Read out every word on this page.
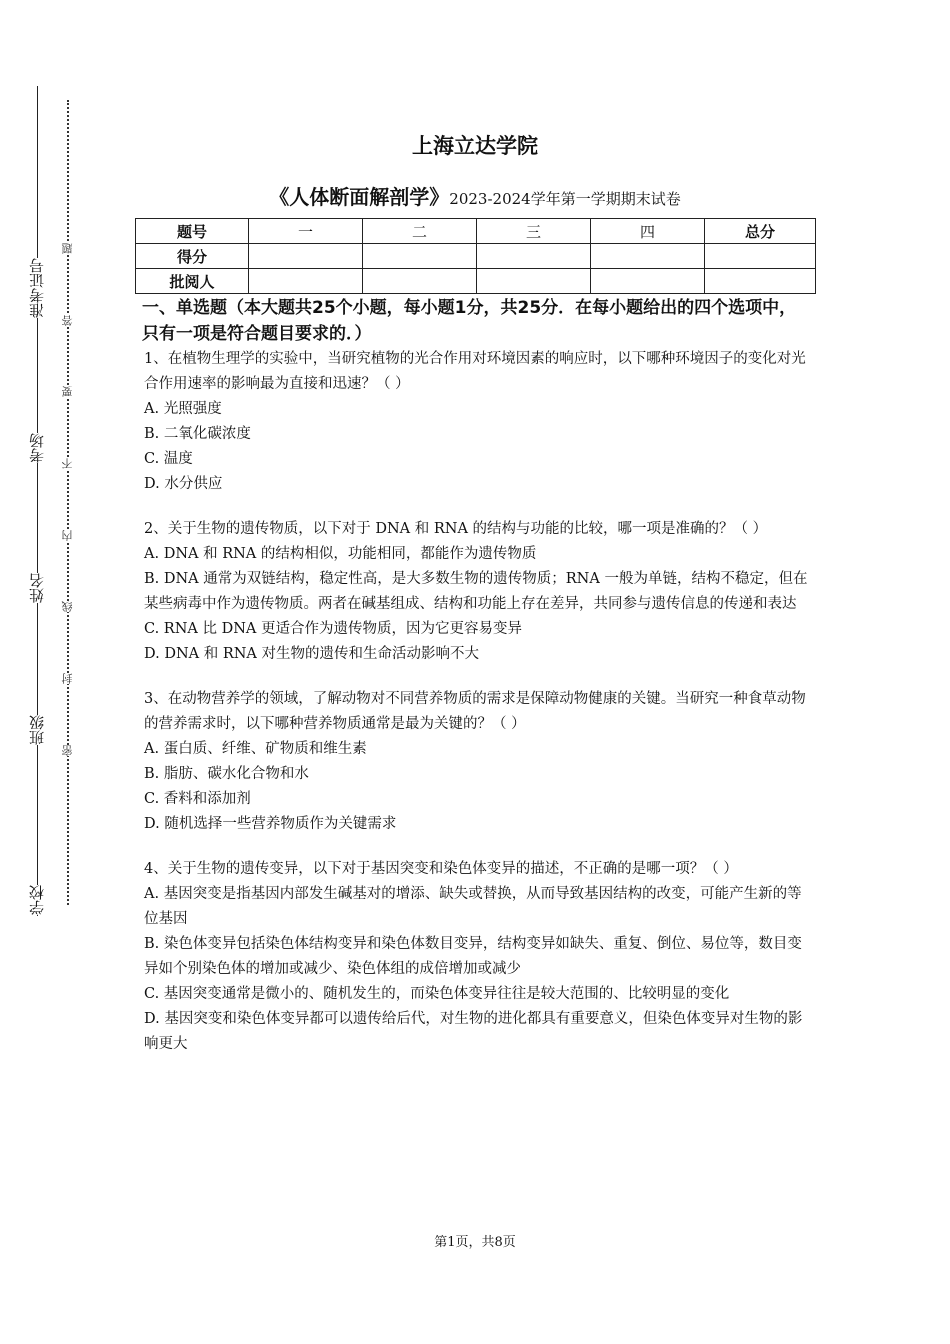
准考证号
考场
姓名
班级
学校
题
答
要
不
内
线
封
密
上海立达学院
《人体断面解剖学》2023-2024学年第一学期期末试卷
题号	一	二	三	四	总分
得分					
批阅人					
一、单选题（本大题共25个小题，每小题1分，共25分．在每小题给出的四个选项中，只有一项是符合题目要求的．）
1、在植物生理学的实验中，当研究植物的光合作用对环境因素的响应时，以下哪种环境因子的变化对光合作用速率的影响最为直接和迅速？（ ）
A. 光照强度
B. 二氧化碳浓度
C. 温度
D. 水分供应
2、关于生物的遗传物质，以下对于 DNA 和 RNA 的结构与功能的比较，哪一项是准确的？（ ）
A. DNA 和 RNA 的结构相似，功能相同，都能作为遗传物质
B. DNA 通常为双链结构，稳定性高，是大多数生物的遗传物质；RNA 一般为单链，结构不稳定，但在某些病毒中作为遗传物质。两者在碱基组成、结构和功能上存在差异，共同参与遗传信息的传递和表达
C. RNA 比 DNA 更适合作为遗传物质，因为它更容易变异
D. DNA 和 RNA 对生物的遗传和生命活动影响不大
3、在动物营养学的领域，了解动物对不同营养物质的需求是保障动物健康的关键。当研究一种食草动物的营养需求时，以下哪种营养物质通常是最为关键的？（ ）
A. 蛋白质、纤维、矿物质和维生素
B. 脂肪、碳水化合物和水
C. 香料和添加剂
D. 随机选择一些营养物质作为关键需求
4、关于生物的遗传变异，以下对于基因突变和染色体变异的描述，不正确的是哪一项？（ ）
A. 基因突变是指基因内部发生碱基对的增添、缺失或替换，从而导致基因结构的改变，可能产生新的等位基因
B. 染色体变异包括染色体结构变异和染色体数目变异，结构变异如缺失、重复、倒位、易位等，数目变异如个别染色体的增加或减少、染色体组的成倍增加或减少
C. 基因突变通常是微小的、随机发生的，而染色体变异往往是较大范围的、比较明显的变化
D. 基因突变和染色体变异都可以遗传给后代，对生物的进化都具有重要意义，但染色体变异对生物的影响更大
第1页，共8页
